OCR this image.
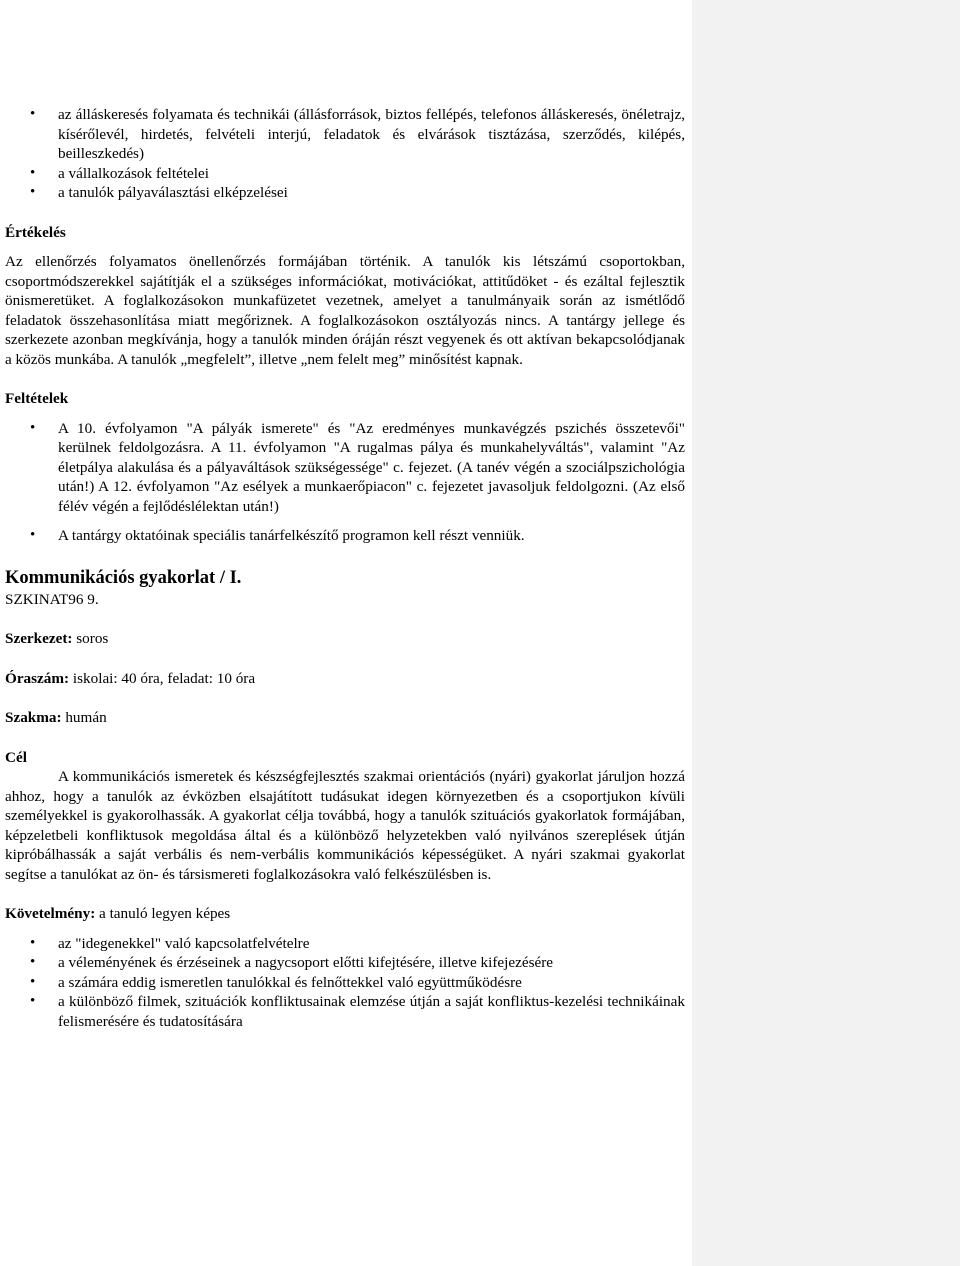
• az álláskeresés folyamata és technikái (állásforrások, biztos fellépés, telefonos álláskeresés, önéletrajz, kísérőlevél, hirdetés, felvételi interjú, feladatok és elvárások tisztázása, szerződés, kilépés, beilleszkedés)
• a vállalkozások feltételei
• a tanulók pályaválasztási elképzelései

Értékelés

Az ellenőrzés folyamatos önellenőrzés formájában történik. A tanulók kis létszámú csoportokban, csoportmódszerekkel sajátítják el a szükséges információkat, motivációkat, attitűdöket - és ezáltal fejlesztik önismeretüket. A foglalkozásokon munkafüzetet vezetnek, amelyet a tanulmányaik során az ismétlődő feladatok összehasonlítása miatt megőriznek. A foglalkozásokon osztályozás nincs. A tantárgy jellege és szerkezete azonban megkívánja, hogy a tanulók minden óráján részt vegyenek és ott aktívan bekapcsolódjanak a közös munkába. A tanulók „megfelelt”, illetve „nem felelt meg” minősítést kapnak.

Feltételek

• A 10. évfolyamon "A pályák ismerete" és "Az eredményes munkavégzés pszichés összetevői" kerülnek feldolgozásra. A 11. évfolyamon "A rugalmas pálya és munkahelyváltás", valamint "Az életpálya alakulása és a pályaváltások szükségessége" c. fejezet. (A tanév végén a szociálpszichológia után!) A 12. évfolyamon "Az esélyek a munkaerőpiacon" c. fejezetet javasoljuk feldolgozni. (Az első félév végén a fejlődéslélektan után!)
• A tantárgy oktatóinak speciális tanárfelkészítő programon kell részt venniük.

Kommunikációs gyakorlat / I.

SZKINAT96 9.

Szerkezet: soros

Óraszám: iskolai: 40 óra, feladat: 10 óra

Szakma: humán

Cél

A kommunikációs ismeretek és készségfejlesztés szakmai orientációs (nyári) gyakorlat járuljon hozzá ahhoz, hogy a tanulók az évközben elsajátított tudásukat idegen környezetben és a csoportjukon kívüli személyekkel is gyakorolhassák. A gyakorlat célja továbbá, hogy a tanulók szituációs gyakorlatok formájában, képzeletbeli konfliktusok megoldása által és a különböző helyzetekben való nyilvános szereplések útján kipróbálhassák a saját verbális és nem-verbális kommunikációs képességüket. A nyári szakmai gyakorlat segítse a tanulókat az ön- és társismereti foglalkozásokra való felkészülésben is.

Követelmény: a tanuló legyen képes

• az "idegenekkel" való kapcsolatfelvételre
• a véleményének és érzéseinek a nagycsoport előtti kifejtésére, illetve kifejezésére
• a számára eddig ismeretlen tanulókkal és felnőttekkel való együttműködésre
• a különböző filmek, szituációk konfliktusainak elemzése útján a saját konfliktus-kezelési technikáinak felismerésére és tudatosítására
